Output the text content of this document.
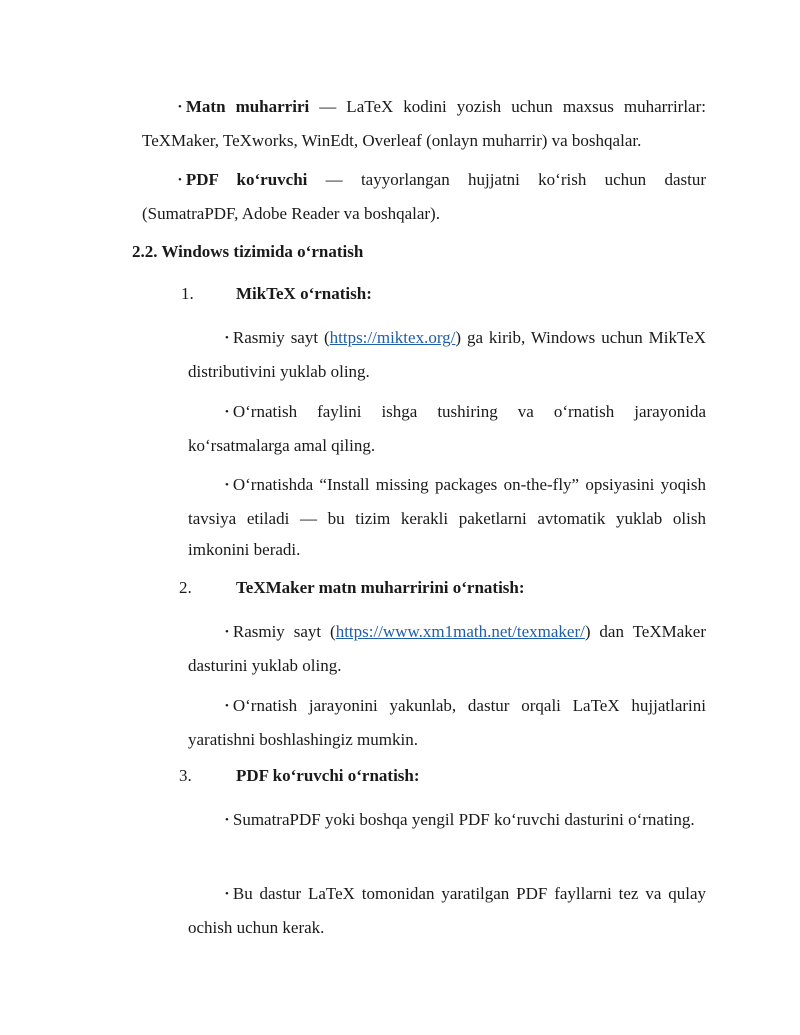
• Matn muharriri — LaTeX kodini yozish uchun maxsus muharrirlar: TeXMaker, TeXworks, WinEdt, Overleaf (onlayn muharrir) va boshqalar.

• PDF ko‘ruvchi — tayyorlangan hujjatni ko‘rish uchun dastur (SumatraPDF, Adobe Reader va boshqalar).

2.2. Windows tizimida o‘rnatish
1. MikTeX o‘rnatish:

• Rasmiy sayt (https://miktex.org/) ga kirib, Windows uchun MikTeX distributivini yuklab oling.

• O‘rnatish faylini ishga tushiring va o‘rnatish jarayonida ko‘rsatmalarga amal qiling.

• O‘rnatishda “Install missing packages on-the-fly” opsiyasini yoqish tavsiya etiladi — bu tizim kerakli paketlarni avtomatik yuklab olish imkonini beradi.

2.	TeXMaker matn muharririni o‘rnatish:

• Rasmiy sayt (https://www.xm1math.net/texmaker/) dan TeXMaker dasturini yuklab oling.

• O‘rnatish jarayonini yakunlab, dastur orqali LaTeX hujjatlarini yaratishni boshlashingiz mumkin.

3.	PDF ko‘ruvchi o‘rnatish:

• SumatraPDF yoki boshqa yengil PDF ko‘ruvchi dasturini o‘rnating.

• Bu dastur LaTeX tomonidan yaratilgan PDF fayllarni tez va qulay ochish uchun kerak.
